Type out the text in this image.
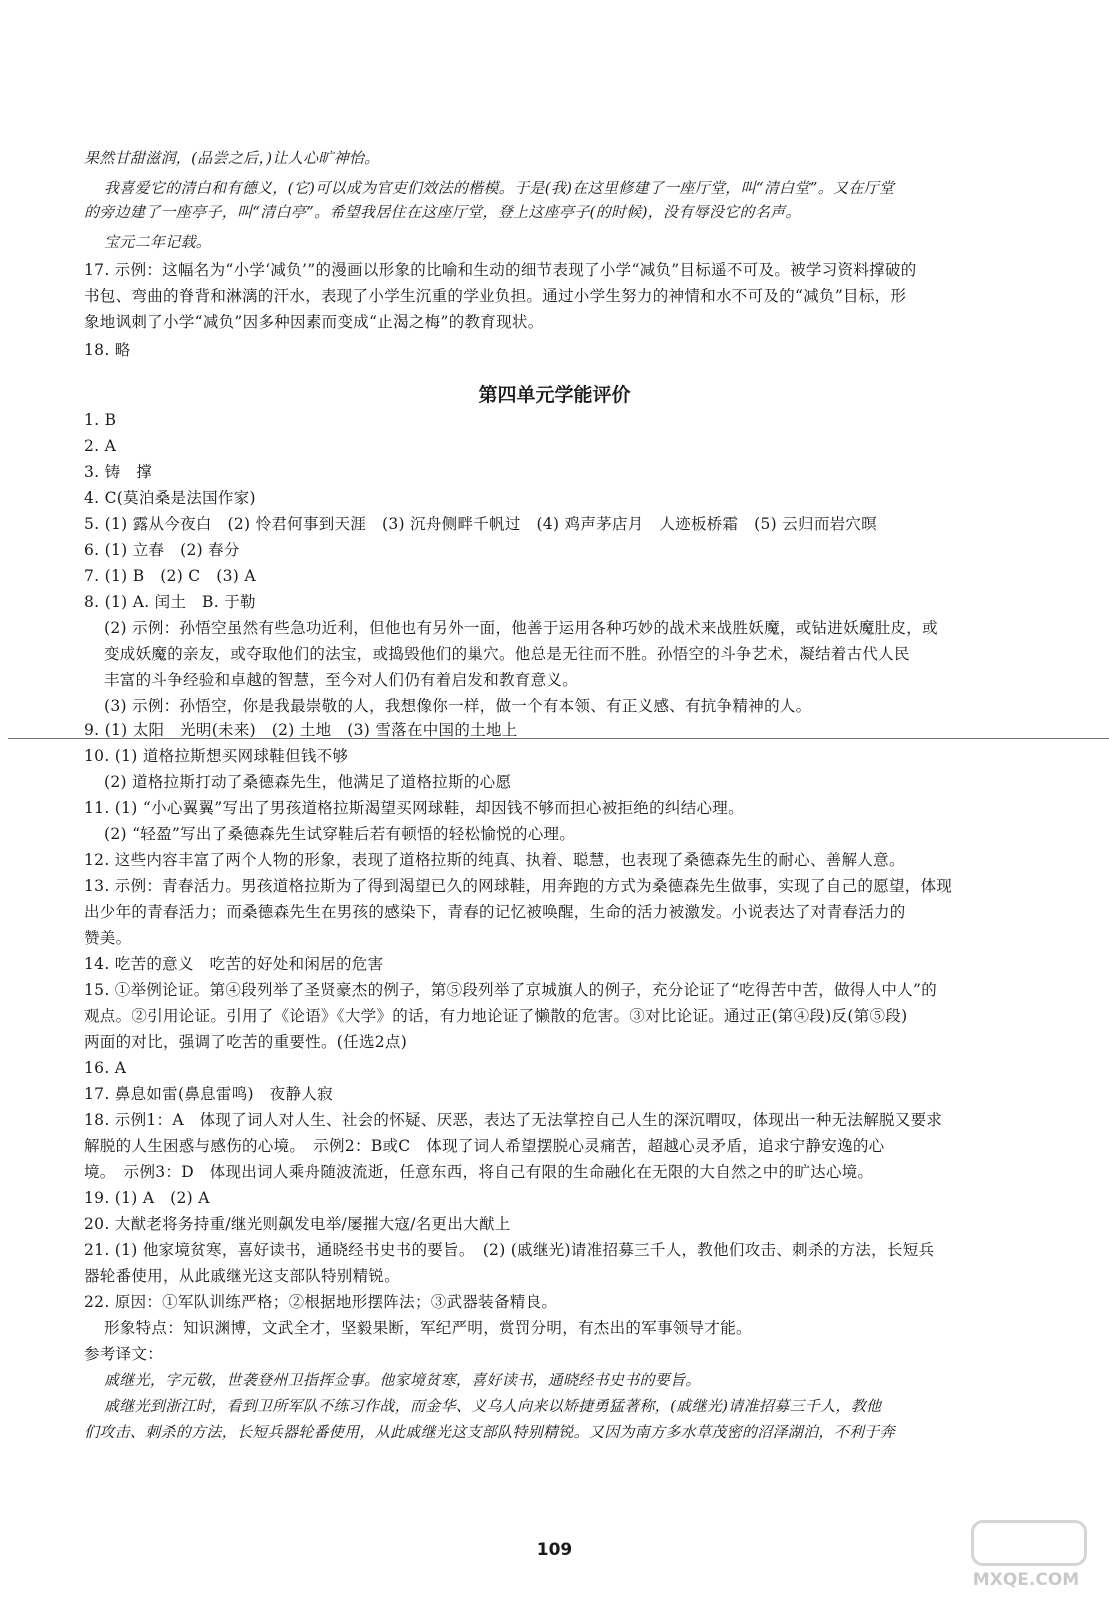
果然甘甜滋润，(品尝之后，)让人心旷神怡。
我喜爱它的清白和有德义，(它)可以成为官吏们效法的楷模。于是(我)在这里修建了一座厅堂，叫“清白堂”。又在厅堂
的旁边建了一座亭子，叫“清白亭”。希望我居住在这座厅堂，登上这座亭子(的时候)，没有辱没它的名声。
宝元二年记载。
17. 示例：这幅名为“小学‘减负’”的漫画以形象的比喻和生动的细节表现了小学“减负”目标遥不可及。被学习资料撑破的
书包、弯曲的脊背和淋漓的汗水，表现了小学生沉重的学业负担。通过小学生努力的神情和水不可及的“减负”目标，形
象地讽刺了小学“减负”因多种因素而变成“止渴之梅”的教育现状。
18. 略
1. B
2. A
3. 铸　撑
4. C(莫泊桑是法国作家)
5. (1) 露从今夜白　(2) 怜君何事到天涯　(3) 沉舟侧畔千帆过　(4) 鸡声茅店月　人迹板桥霜　(5) 云归而岩穴暝
6. (1) 立春　(2) 春分
7. (1) B　(2) C　(3) A
8. (1) A. 闰土　B. 于勒
(2) 示例：孙悟空虽然有些急功近利，但他也有另外一面，他善于运用各种巧妙的战术来战胜妖魔，或钻进妖魔肚皮，或
变成妖魔的亲友，或夺取他们的法宝，或捣毁他们的巢穴。他总是无往而不胜。孙悟空的斗争艺术，凝结着古代人民
丰富的斗争经验和卓越的智慧，至今对人们仍有着启发和教育意义。
(3) 示例：孙悟空，你是我最崇敬的人，我想像你一样，做一个有本领、有正义感、有抗争精神的人。
9. (1) 太阳　光明(未来)　(2) 土地　(3) 雪落在中国的土地上
10. (1) 道格拉斯想买网球鞋但钱不够
(2) 道格拉斯打动了桑德森先生，他满足了道格拉斯的心愿
11. (1) “小心翼翼”写出了男孩道格拉斯渴望买网球鞋，却因钱不够而担心被拒绝的纠结心理。
(2) “轻盈”写出了桑德森先生试穿鞋后若有顿悟的轻松愉悦的心理。
12. 这些内容丰富了两个人物的形象，表现了道格拉斯的纯真、执着、聪慧，也表现了桑德森先生的耐心、善解人意。
13. 示例：青春活力。男孩道格拉斯为了得到渴望已久的网球鞋，用奔跑的方式为桑德森先生做事，实现了自己的愿望，体现
出少年的青春活力；而桑德森先生在男孩的感染下，青春的记忆被唤醒，生命的活力被激发。小说表达了对青春活力的
赞美。
14. 吃苦的意义　吃苦的好处和闲居的危害
15. ①举例论证。第④段列举了圣贤豪杰的例子，第⑤段列举了京城旗人的例子，充分论证了“吃得苦中苦，做得人中人”的
观点。②引用论证。引用了《论语》《大学》的话，有力地论证了懒散的危害。③对比论证。通过正(第④段)反(第⑤段)
两面的对比，强调了吃苦的重要性。(任选2点)
16. A
17. 鼻息如雷(鼻息雷鸣)　夜静人寂
18. 示例1：A　体现了词人对人生、社会的怀疑、厌恶，表达了无法掌控自己人生的深沉喟叹，体现出一种无法解脱又要求
解脱的人生困惑与感伤的心境。　示例2：B或C　体现了词人希望摆脱心灵痛苦，超越心灵矛盾，追求宁静安逸的心
境。　示例3：D　体现出词人乘舟随波流逝，任意东西，将自己有限的生命融化在无限的大自然之中的旷达心境。
19. (1) A　(2) A
20. 大猷老将务持重/继光则飙发电举/屡摧大寇/名更出大猷上
21. (1) 他家境贫寒，喜好读书，通晓经书史书的要旨。　(2) (戚继光)请准招募三千人，教他们攻击、刺杀的方法，长短兵
器轮番使用，从此戚继光这支部队特别精锐。
22. 原因：①军队训练严格；②根据地形摆阵法；③武器装备精良。
形象特点：知识渊博，文武全才，坚毅果断，军纪严明，赏罚分明，有杰出的军事领导才能。
参考译文：
戚继光，字元敬，世袭登州卫指挥佥事。他家境贫寒，喜好读书，通晓经书史书的要旨。
戚继光到浙江时，看到卫所军队不练习作战，而金华、义乌人向来以矫捷勇猛著称，(戚继光)请准招募三千人，教他
们攻击、刺杀的方法，长短兵器轮番使用，从此戚继光这支部队特别精锐。又因为南方多水草茂密的沼泽湖泊，不利于奔
第四单元学能评价
109
MXQE.COM
